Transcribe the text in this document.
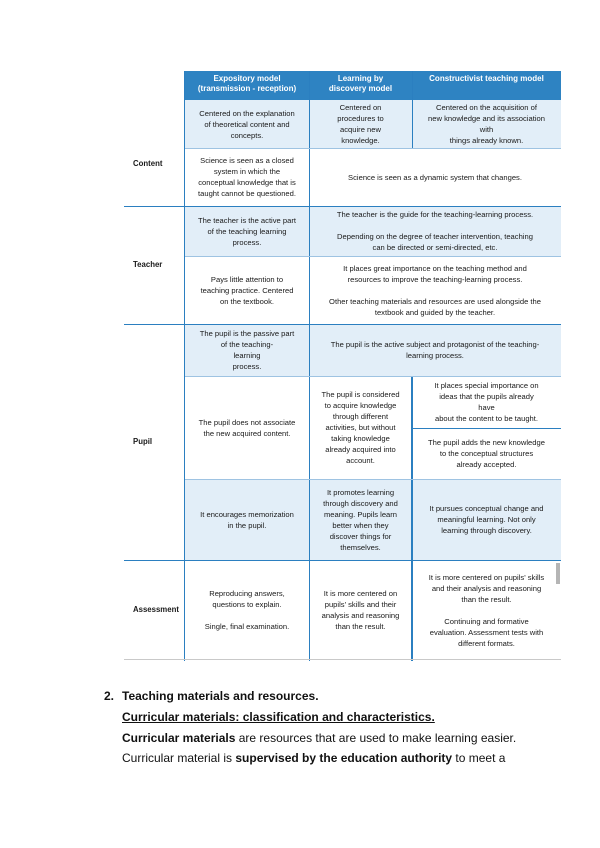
Expository model
(transmission - reception)
Learning by
discovery model
Constructivist teaching model
Content
Centered on the explanation
of theoretical content and
concepts.
Centered on
procedures to
acquire new
knowledge.
Centered on the acquisition of
new knowledge and its association
with
things already known.
Science is seen as a closed
system in which the
conceptual knowledge that is
taught cannot be questioned.
Science is seen as a dynamic system that changes.
Teacher
The teacher is the active part
of the teaching learning
process.
The teacher is the guide for the teaching-learning process.

Depending on the degree of teacher intervention, teaching
can be directed or semi-directed, etc.
Pays little attention to
teaching practice. Centered
on the textbook.
It places great importance on the teaching method and
resources to improve the teaching-learning process.

Other teaching materials and resources are used alongside the
textbook and guided by the teacher.
Pupil
The pupil is the passive part
of the teaching-
learning
process.
The pupil is the active subject and protagonist of the teaching-
learning process.
The pupil does not associate
the new acquired content.
The pupil is considered
to acquire knowledge
through different
activities, but without
taking knowledge
already acquired into
account.
It places special importance on
ideas that the pupils already
have
about the content to be taught.
The pupil adds the new knowledge
to the conceptual structures
already accepted.
It encourages memorization
in the pupil.
It promotes learning
through discovery and
meaning. Pupils learn
better when they
discover things for
themselves.
It pursues conceptual change and
meaningful learning. Not only
learning through discovery.
Assessment
Reproducing answers,
questions to explain.

Single, final examination.
It is more centered on
pupils' skills and their
analysis and reasoning
than the result.
It is more centered on pupils' skills
and their analysis and reasoning
than the result.

Continuing and formative
evaluation. Assessment tests with
different formats.
2. Teaching materials and resources.
Curricular materials: classification and characteristics.
Curricular materials are resources that are used to make learning easier.
Curricular material is supervised by the education authority to meet a
